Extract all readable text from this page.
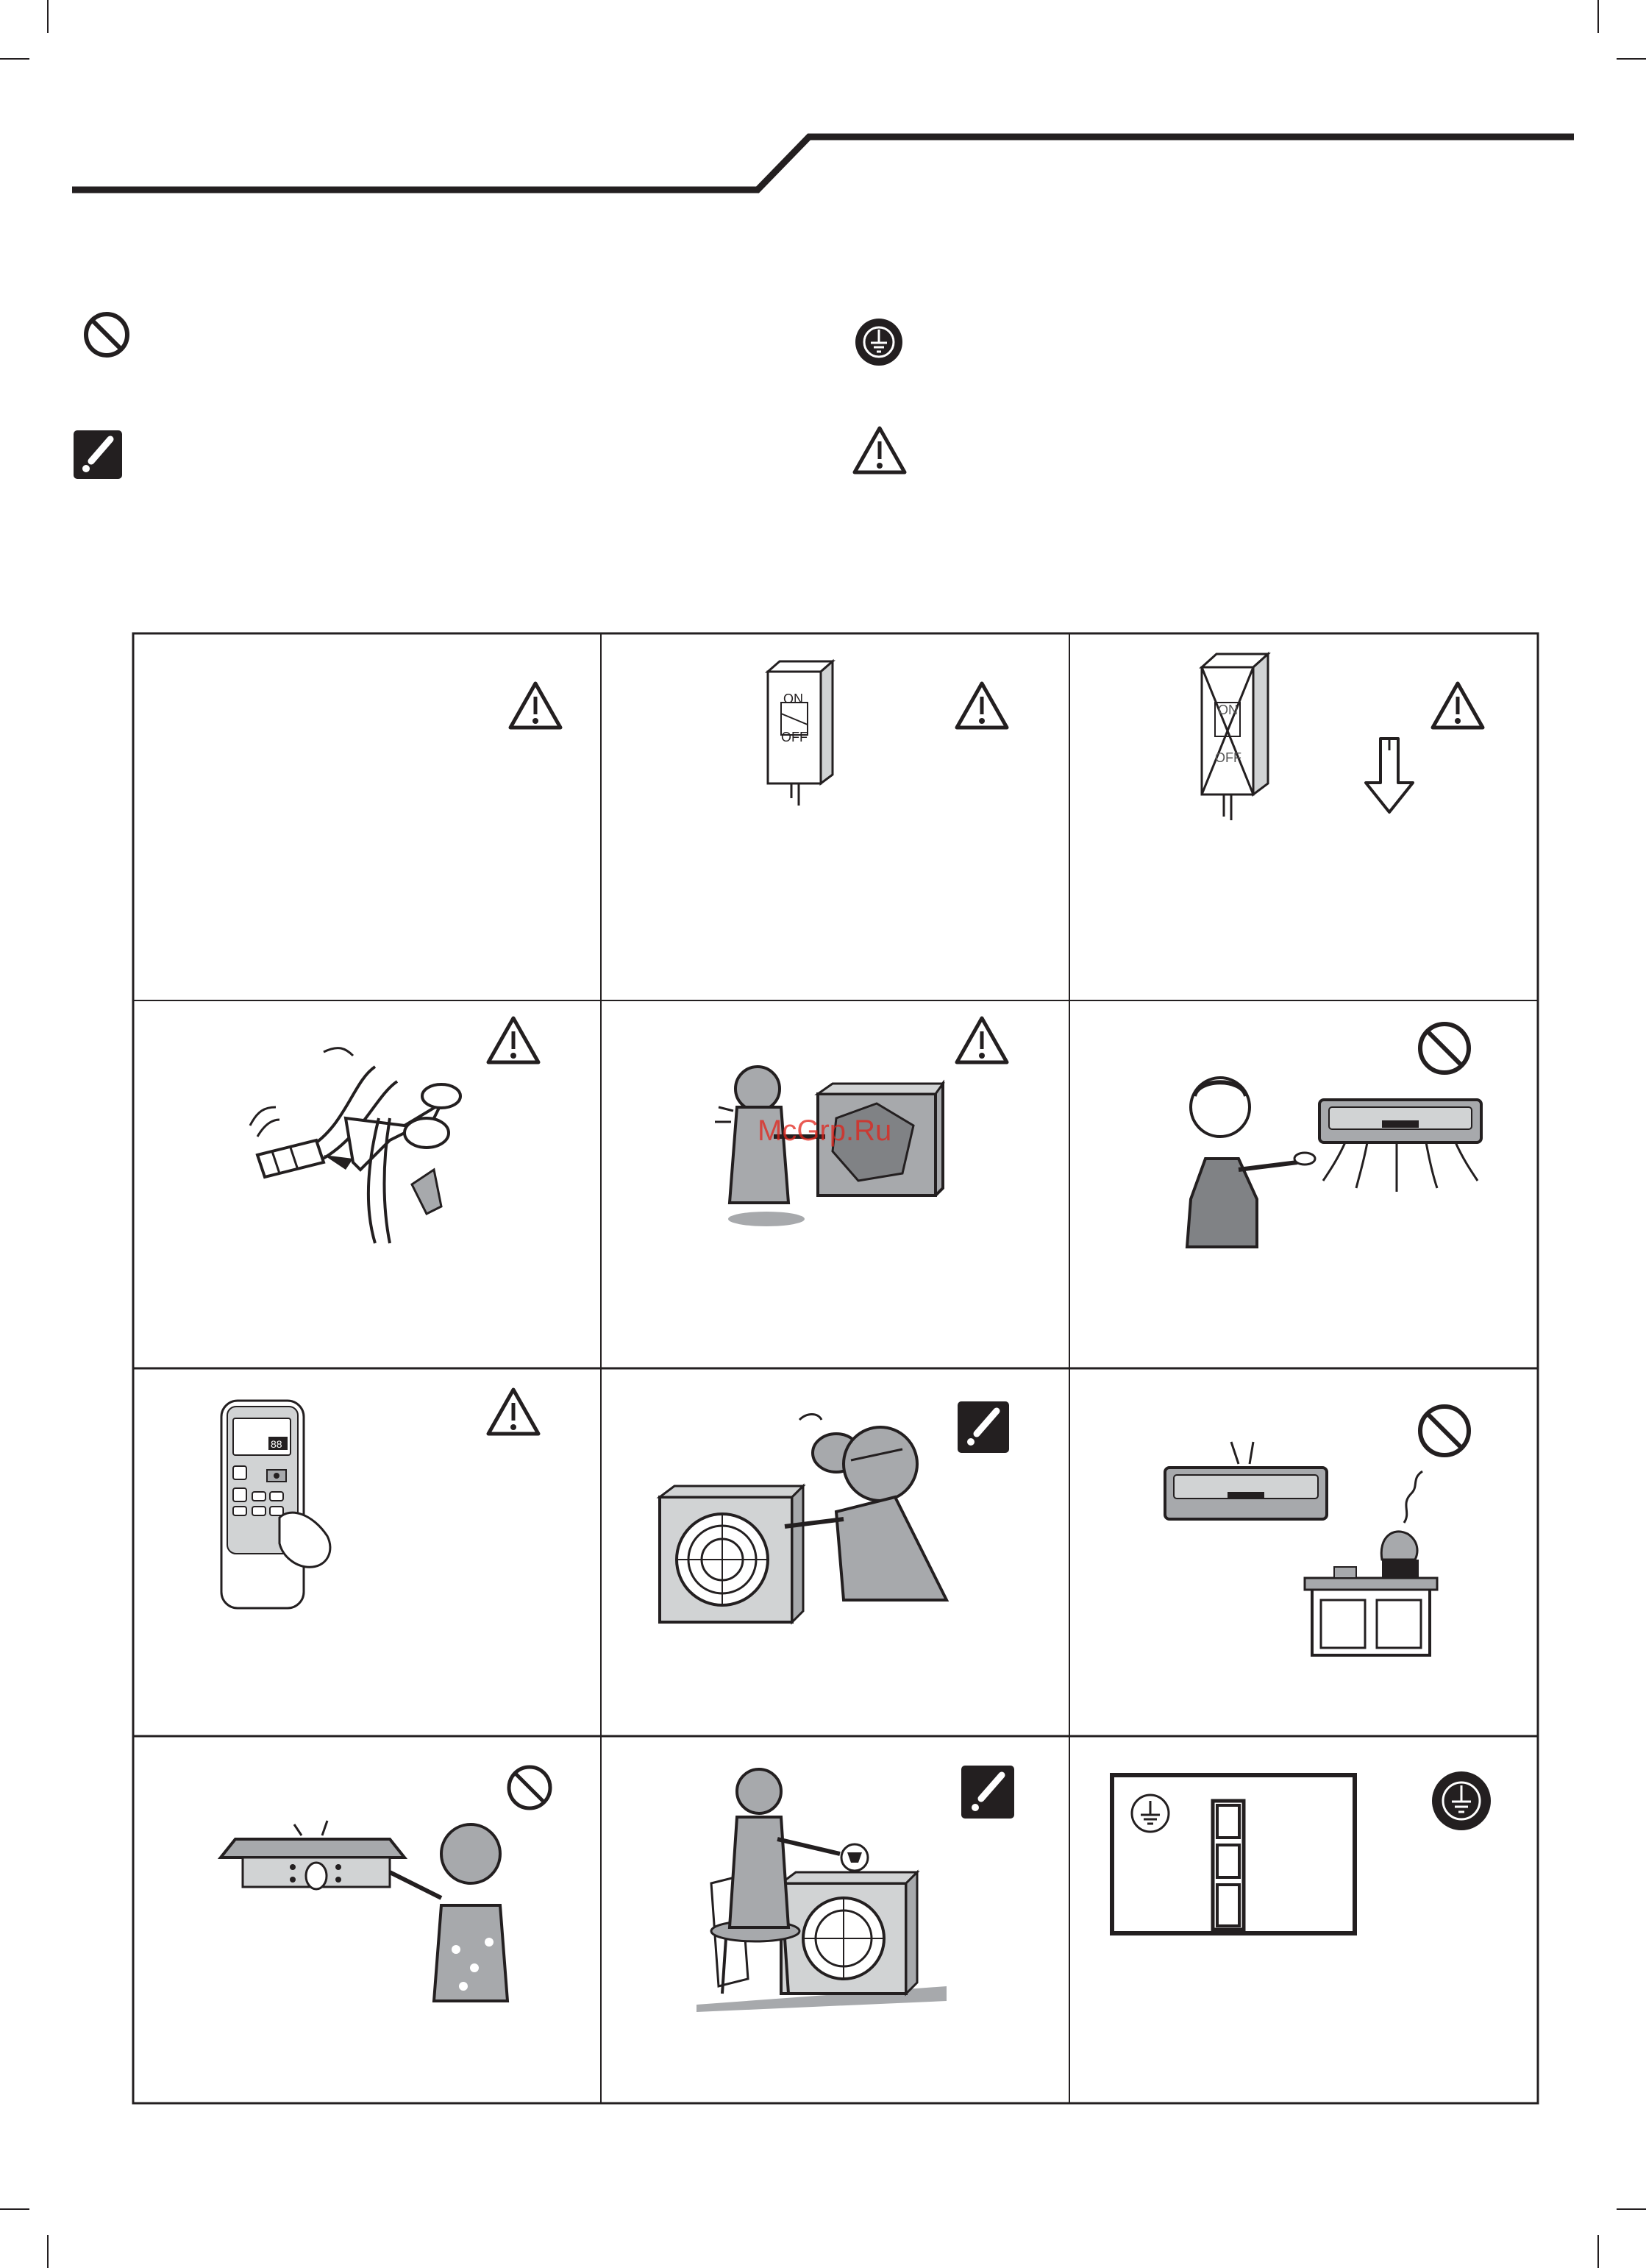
ON
OFF
ON
OFF
88
McGrp.Ru
